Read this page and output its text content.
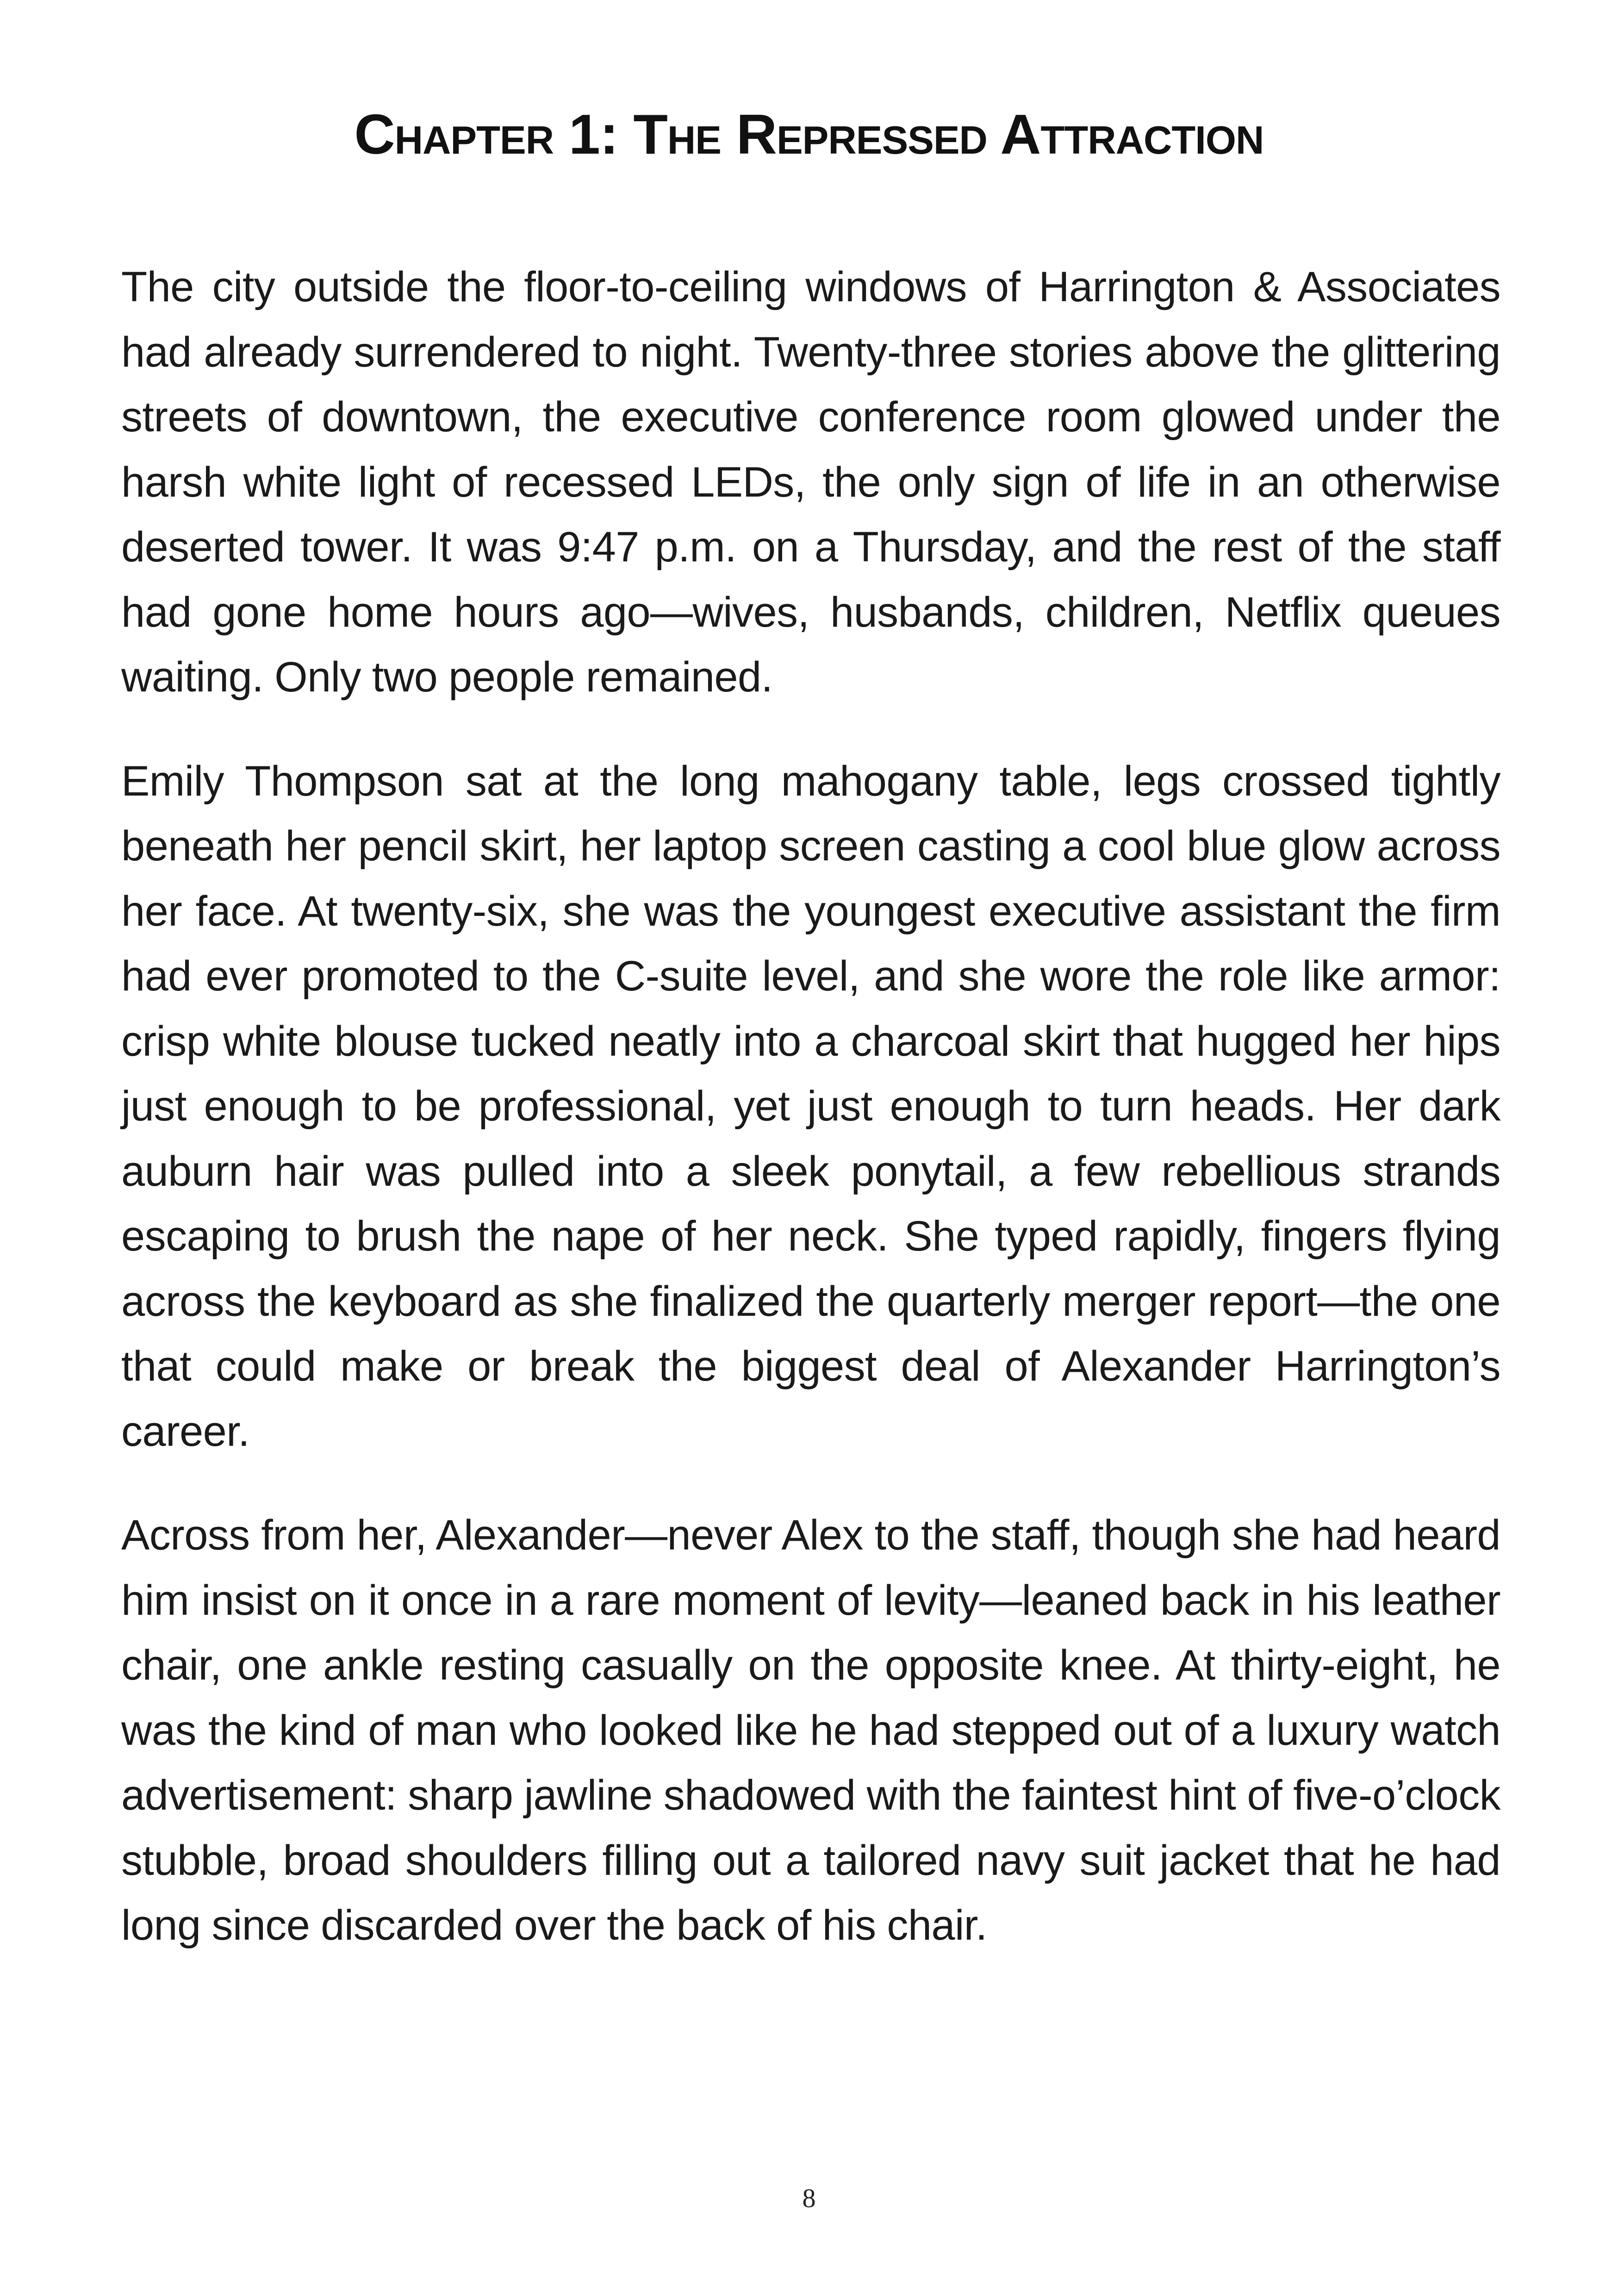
Chapter 1: The Repressed Attraction

The city outside the floor-to-ceiling windows of Harrington & Associates had already surrendered to night. Twenty-three stories above the glittering streets of downtown, the executive conference room glowed under the harsh white light of recessed LEDs, the only sign of life in an otherwise deserted tower. It was 9:47 p.m. on a Thursday, and the rest of the staff had gone home hours ago—wives, husbands, children, Netflix queues waiting. Only two people remained.

Emily Thompson sat at the long mahogany table, legs crossed tightly beneath her pencil skirt, her laptop screen casting a cool blue glow across her face. At twenty-six, she was the youngest executive assistant the firm had ever promoted to the C-suite level, and she wore the role like armor: crisp white blouse tucked neatly into a charcoal skirt that hugged her hips just enough to be professional, yet just enough to turn heads. Her dark auburn hair was pulled into a sleek ponytail, a few rebellious strands escaping to brush the nape of her neck. She typed rapidly, fingers flying across the keyboard as she finalized the quarterly merger report—the one that could make or break the biggest deal of Alexander Harrington’s career.

Across from her, Alexander—never Alex to the staff, though she had heard him insist on it once in a rare moment of levity—leaned back in his leather chair, one ankle resting casually on the opposite knee. At thirty-eight, he was the kind of man who looked like he had stepped out of a luxury watch advertisement: sharp jawline shadowed with the faintest hint of five-o’clock stubble, broad shoulders filling out a tailored navy suit jacket that he had long since discarded over the back of his chair.

8
